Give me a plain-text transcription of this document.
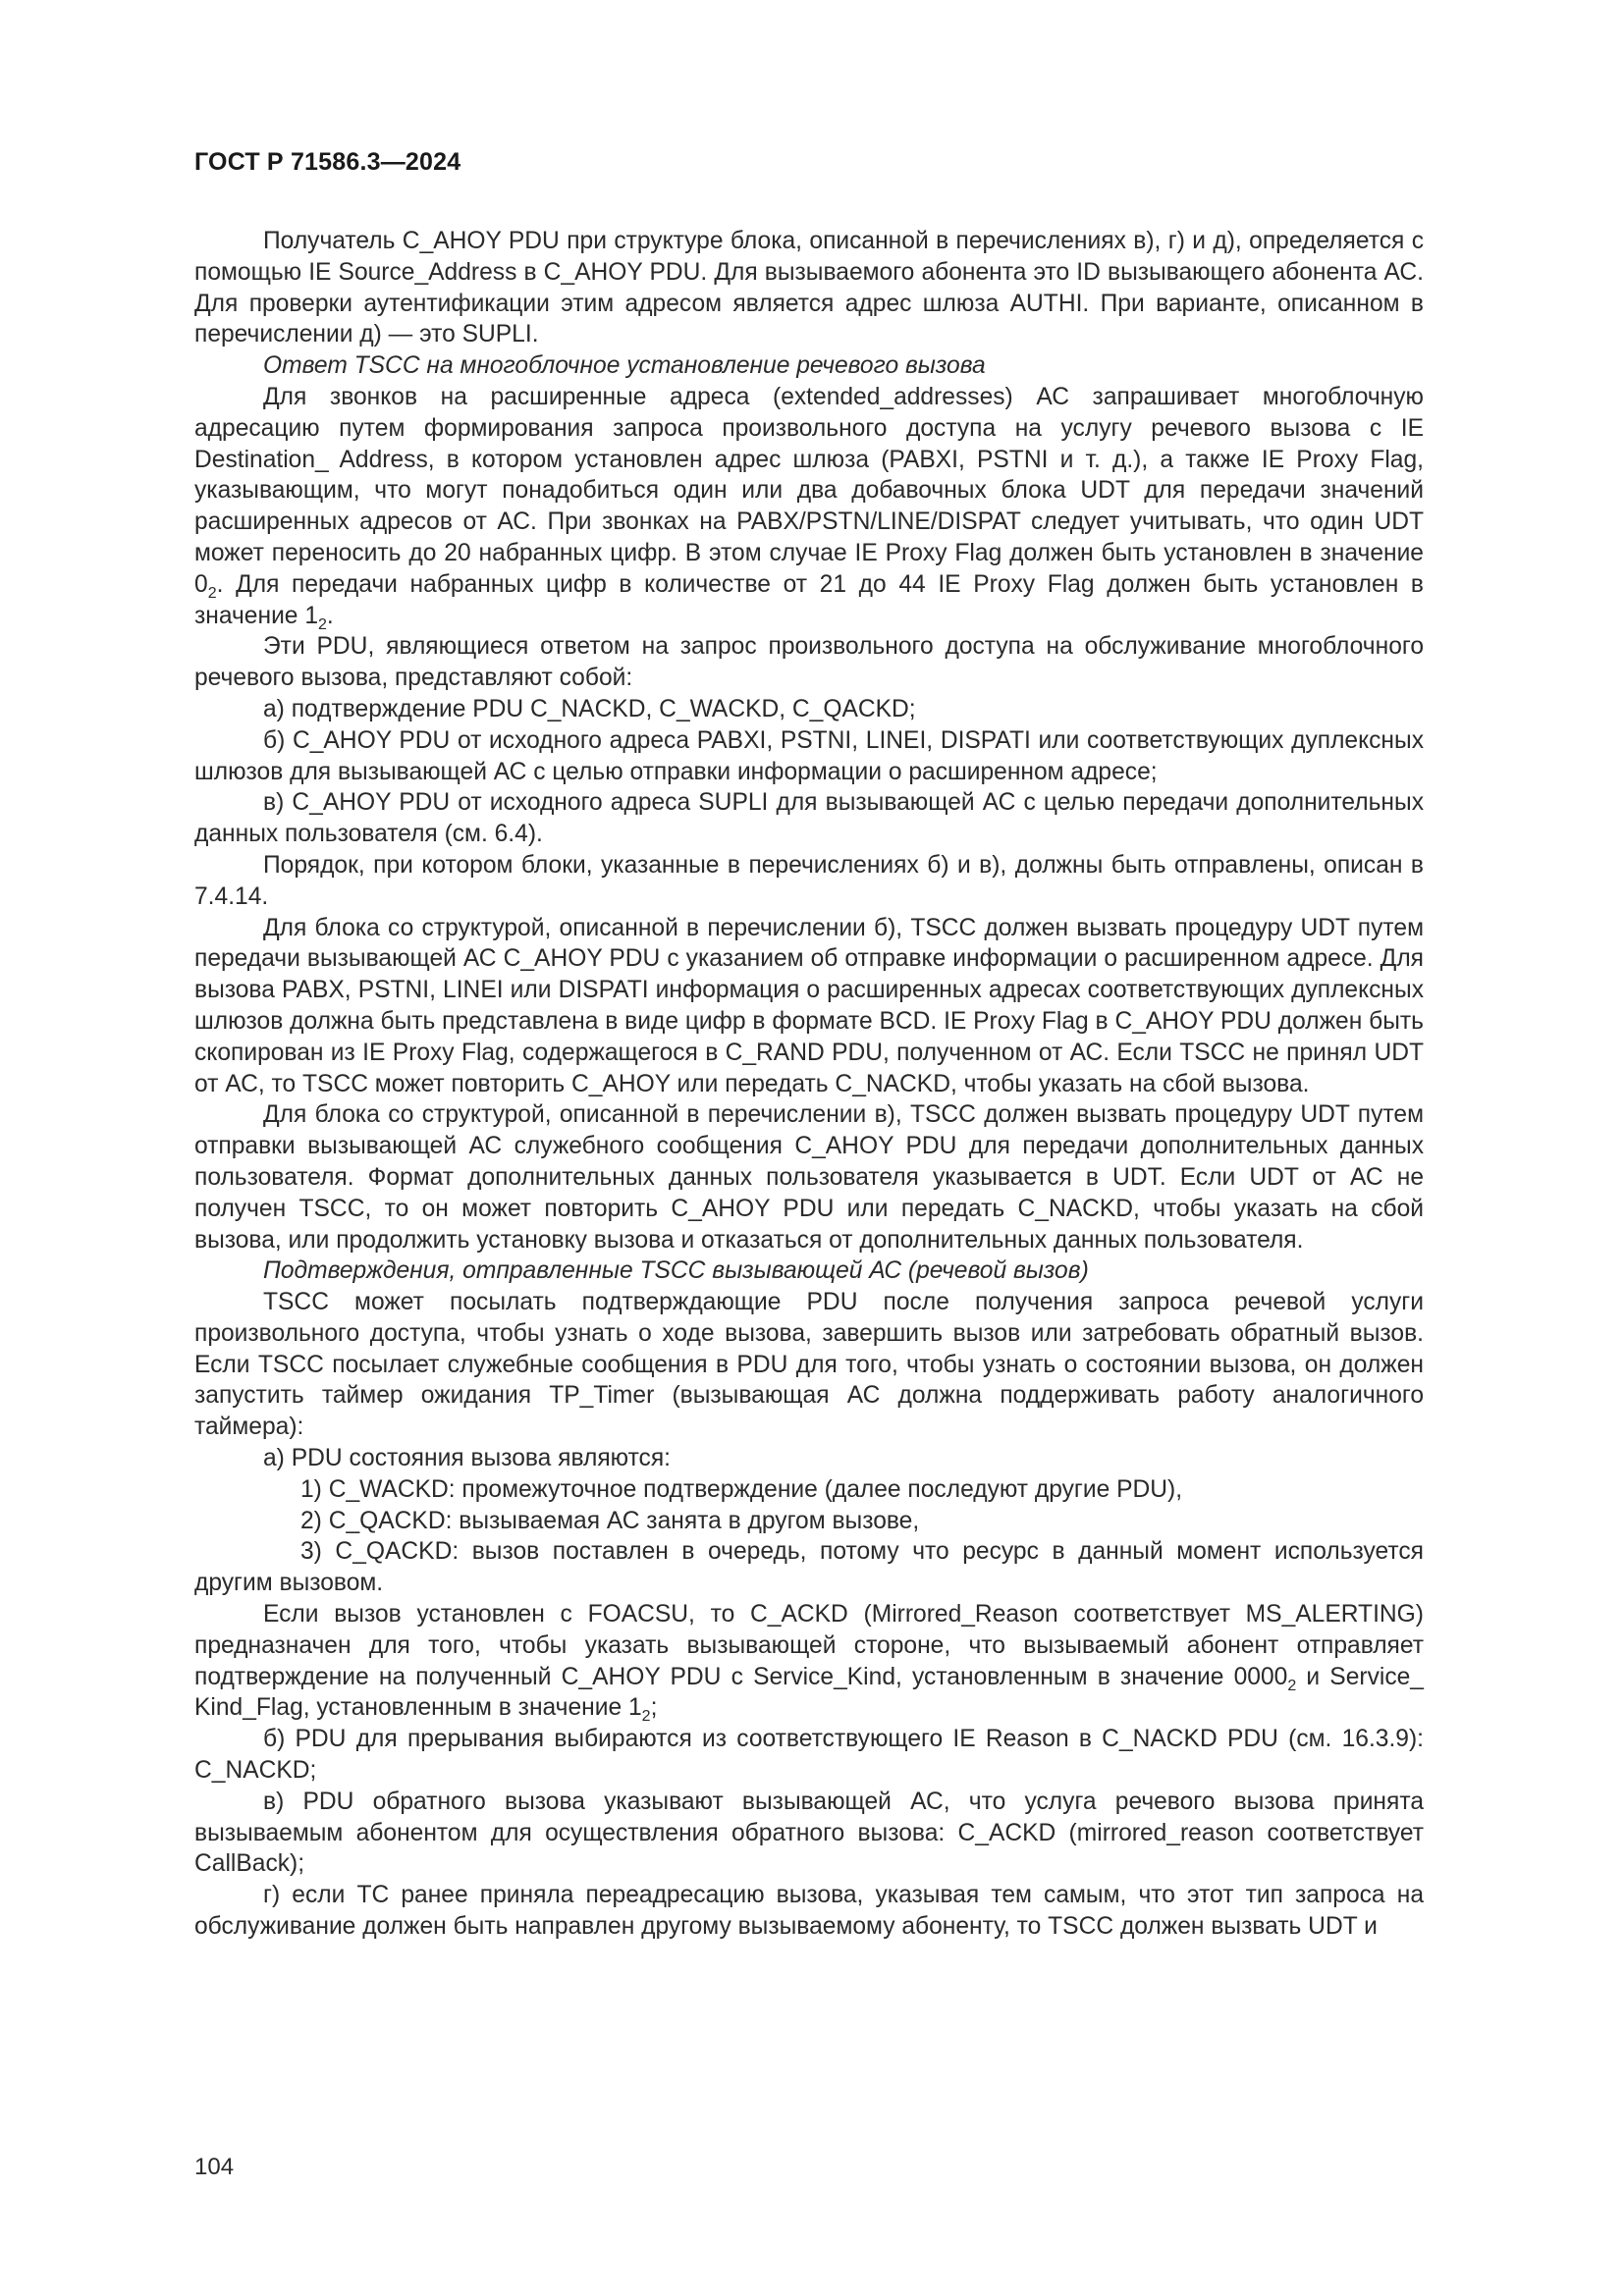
ГОСТ Р 71586.3—2024

Получатель C_AHOY PDU при структуре блока, описанной в перечислениях в), г) и д), определяется с помощью IE Source_Address в C_AHOY PDU. Для вызываемого абонента это ID вызывающего абонента АС. Для проверки аутентификации этим адресом является адрес шлюза AUTHI. При варианте, описанном в перечислении д) — это SUPLI.

Ответ TSCC на многоблочное установление речевого вызова

Для звонков на расширенные адреса (extended_addresses) АС запрашивает многоблочную адресацию путем формирования запроса произвольного доступа на услугу речевого вызова с IE Destination_ Address, в котором установлен адрес шлюза (PABXI, PSTNI и т. д.), а также IE Proxy Flag, указывающим, что могут понадобиться один или два добавочных блока UDT для передачи значений расширенных адресов от АС. При звонках на PABX/PSTN/LINE/DISPAT следует учитывать, что один UDT может переносить до 20 набранных цифр. В этом случае IE Proxy Flag должен быть установлен в значение $0_2$. Для передачи набранных цифр в количестве от 21 до 44 IE Proxy Flag должен быть установлен в значение $1_2$.

Эти PDU, являющиеся ответом на запрос произвольного доступа на обслуживание многоблочного речевого вызова, представляют собой:

а) подтверждение PDU C_NACKD, C_WACKD, C_QACKD;

б) C_AHOY PDU от исходного адреса PABXI, PSTNI, LINEI, DISPATI или соответствующих дуплексных шлюзов для вызывающей АС с целью отправки информации о расширенном адресе;

в) C_AHOY PDU от исходного адреса SUPLI для вызывающей АС с целью передачи дополнительных данных пользователя (см. 6.4).

Порядок, при котором блоки, указанные в перечислениях б) и в), должны быть отправлены, описан в 7.4.14.

Для блока со структурой, описанной в перечислении б), TSCC должен вызвать процедуру UDT путем передачи вызывающей АС C_AHOY PDU с указанием об отправке информации о расширенном адресе. Для вызова PABX, PSTNI, LINEI или DISPATI информация о расширенных адресах соответствующих дуплексных шлюзов должна быть представлена в виде цифр в формате BCD. IE Proxy Flag в C_AHOY PDU должен быть скопирован из IE Proxy Flag, содержащегося в C_RAND PDU, полученном от АС. Если TSCC не принял UDT от АС, то TSCC может повторить C_AHOY или передать C_NACKD, чтобы указать на сбой вызова.

Для блока со структурой, описанной в перечислении в), TSCC должен вызвать процедуру UDT путем отправки вызывающей АС служебного сообщения C_AHOY PDU для передачи дополнительных данных пользователя. Формат дополнительных данных пользователя указывается в UDT. Если UDT от АС не получен TSCC, то он может повторить C_AHOY PDU или передать C_NACKD, чтобы указать на сбой вызова, или продолжить установку вызова и отказаться от дополнительных данных пользователя.

Подтверждения, отправленные TSCC вызывающей АС (речевой вызов)

TSCC может посылать подтверждающие PDU после получения запроса речевой услуги произвольного доступа, чтобы узнать о ходе вызова, завершить вызов или затребовать обратный вызов. Если TSCC посылает служебные сообщения в PDU для того, чтобы узнать о состоянии вызова, он должен запустить таймер ожидания TP_Timer (вызывающая АС должна поддерживать работу аналогичного таймера):

а) PDU состояния вызова являются:

1) C_WACKD: промежуточное подтверждение (далее последуют другие PDU),

2) C_QACKD: вызываемая АС занята в другом вызове,

3) C_QACKD: вызов поставлен в очередь, потому что ресурс в данный момент используется другим вызовом.

Если вызов установлен с FOACSU, то C_ACKD (Mirrored_Reason соответствует MS_ALERTING) предназначен для того, чтобы указать вызывающей стороне, что вызываемый абонент отправляет подтверждение на полученный C_AHOY PDU с Service_Kind, установленным в значение $0000_2$ и Service_ Kind_Flag, установленным в значение $1_2$;

б) PDU для прерывания выбираются из соответствующего IE Reason в C_NACKD PDU (см. 16.3.9): C_NACKD;

в) PDU обратного вызова указывают вызывающей АС, что услуга речевого вызова принята вызываемым абонентом для осуществления обратного вызова: C_ACKD (mirrored_reason соответствует CallBack);

г) если ТС ранее приняла переадресацию вызова, указывая тем самым, что этот тип запроса на обслуживание должен быть направлен другому вызываемому абоненту, то TSCC должен вызвать UDT и

104
